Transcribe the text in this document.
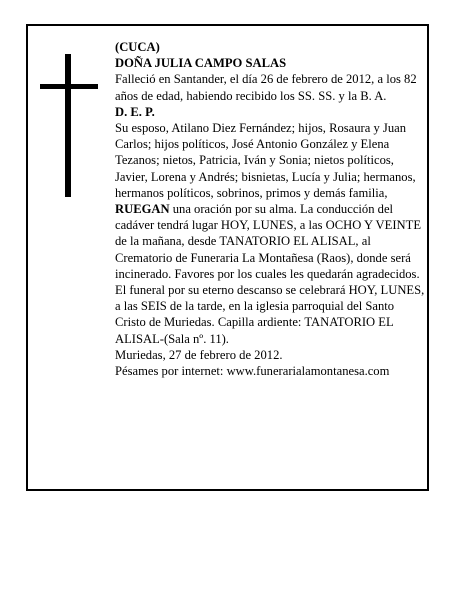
(CUCA)

DOÑA JULIA CAMPO SALAS

Falleció en Santander, el día 26 de febrero de 2012, a los 82 años de edad, habiendo recibido los SS. SS. y la B. A.

D. E. P.

Su esposo, Atilano Diez Fernández; hijos, Rosaura y Juan Carlos; hijos políticos, José Antonio González y Elena Tezanos; nietos, Patricia, Iván y Sonia; nietos políticos, Javier, Lorena y Andrés; bisnietas, Lucía y Julia; hermanos, hermanos políticos, sobrinos, primos y demás familia,

RUEGAN una oración por su alma. La conducción del cadáver tendrá lugar HOY, LUNES, a las OCHO Y VEINTE de la mañana, desde TANATORIO EL ALISAL, al Crematorio de Funeraria La Montañesa (Raos), donde será incinerado. Favores por los cuales les quedarán agradecidos. El funeral por su eterno descanso se celebrará HOY, LUNES, a las SEIS de la tarde, en la iglesia parroquial del Santo Cristo de Muriedas. Capilla ardiente: TANATORIO EL ALISAL-(Sala nº. 11).

Muriedas, 27 de febrero de 2012.

Pésames por internet: www.funerarialamontanesa.com
